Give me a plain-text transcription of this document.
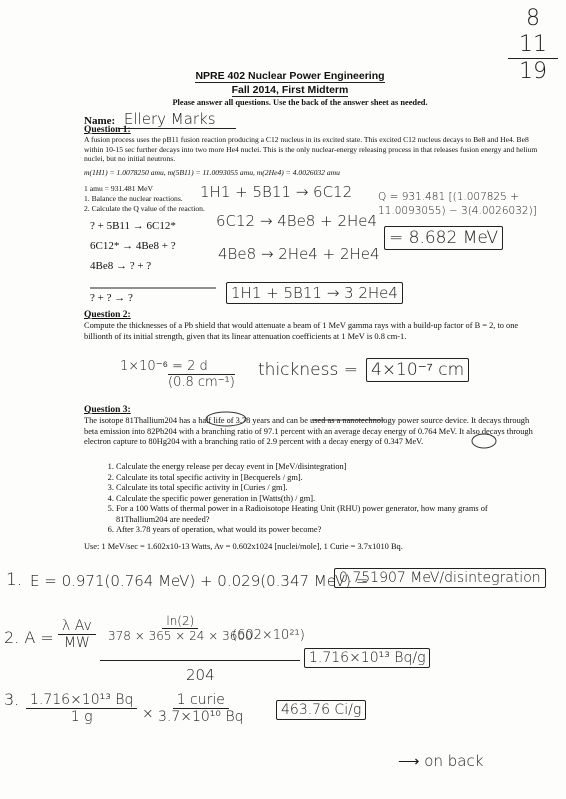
8
11
19
NPRE 402 Nuclear Power Engineering
Fall 2014, First Midterm
Please answer all questions. Use the back of the answer sheet as needed.
Name: Ellery Marks
Question 1:
A fusion process uses the pB11 fusion reaction producing a C12 nucleus in its excited state. This excited C12 nucleus decays to Be8 and He4. Be8 within 10-15 sec further decays into two more He4 nuclei. This is the only nuclear-energy releasing process in that releases fusion energy and helium nuclei, but no initial neutrons.
m(1H1) = 1.0078250 amu, m(5B11) = 11.0093055 amu, m(2He4) = 4.0026032 amu
1 amu = 931.481 MeV
1. Balance the nuclear reactions.
2. Calculate the Q value of the reaction.
? + 5B11 → 6C12*
6C12* → 4Be8 + ?
4Be8 → ? + ?
? + ? → ?
1H1 + 5B11 → 6C12
6C12 → 4Be8 + 2He4
4Be8 → 2He4 + 2He4
1H1 + 5B11 → 3 2He4
Q = 931.481 [(1.007825 + 11.0093055) − 3(4.0026032)]
= 8.682 MeV
Question 2:
Compute the thicknesses of a Pb shield that would attenuate a beam of 1 MeV gamma rays with a build-up factor of B = 2, to one billionth of its initial strength, given that its linear attenuation coefficients at 1 MeV is 0.8 cm-1.
1×10⁻⁶ = 2 d
(0.8 cm⁻¹)
thickness = 4×10⁻⁷ cm
Question 3:
The isotope 81Thallium204 has a half life of 3.78 years and can be used as a nanotechnology power source device. It decays through beta emission into 82Pb204 with a branching ratio of 97.1 percent with an average decay energy of 0.764 MeV. It also decays through electron capture to 80Hg204 with a branching ratio of 2.9 percent with a decay energy of 0.347 MeV.
1. Calculate the energy release per decay event in [MeV/disintegration]
2. Calculate its total specific activity in [Becquerels / gm].
3. Calculate its total specific activity in [Curies / gm].
4. Calculate the specific power generation in [Watts(th) / gm].
5. For a 100 Watts of thermal power in a Radioisotope Heating Unit (RHU) power generator, how many grams of 81Thallium204 are needed?
6. After 3.78 years of operation, what would its power become?
Use: 1 MeV/sec = 1.602x10-13 Watts, Av = 0.602x1024 [nuclei/mole], 1 Curie = 3.7x1010 Bq.
1. E = 0.971(0.764 MeV) + 0.029(0.347 MeV) =
0.751907 MeV/disintegration
2. $A = \frac{\text{λ Av}}{MW} \frac{\ln(2)}{378 \times 365 \times 24 \times 3600}$
(602×10²¹)
204
1.716×10¹³ Bq/g
3. $\frac{\text{1.716×10¹³ Bq}}{1 g}$ ×
1 curie
3.7×10¹⁰ Bq	463.76 Ci/g
⟶ on back
